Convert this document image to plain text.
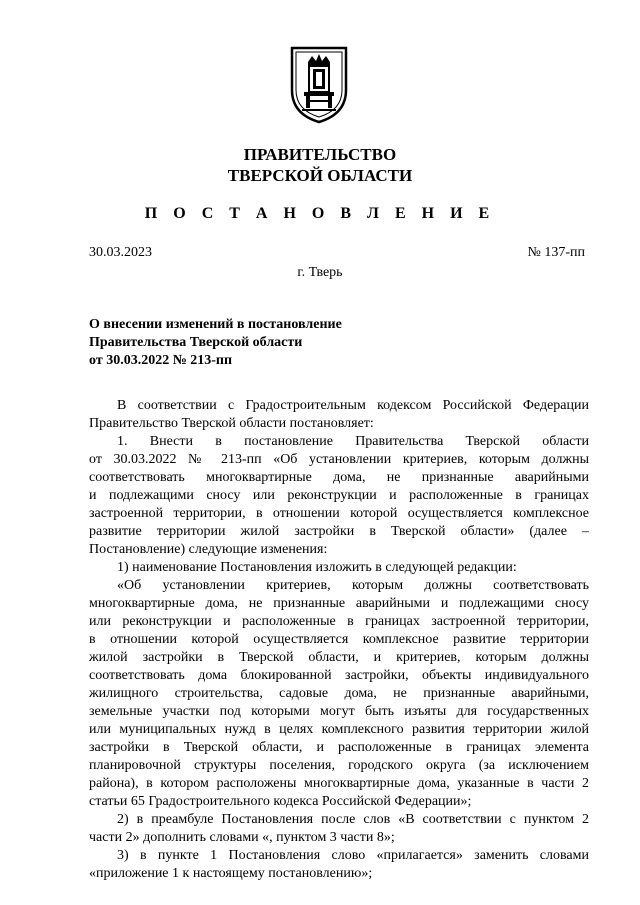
ПРАВИТЕЛЬСТВО
ТВЕРСКОЙ ОБЛАСТИ
П О С Т А Н О В Л Е Н И Е
30.03.2023	№ 137-пп
г. Тверь
О внесении изменений в постановление
Правительства Тверской области
от 30.03.2022 № 213-пп
В соответствии с Градостроительным кодексом Российской Федерации
Правительство Тверской области постановляет:
1. Внести в постановление Правительства Тверской области
от 30.03.2022 № 213-пп «Об установлении критериев, которым должны
соответствовать многоквартирные дома, не признанные аварийными
и подлежащими сносу или реконструкции и расположенные в границах
застроенной территории, в отношении которой осуществляется комплексное
развитие территории жилой застройки в Тверской области» (далее –
Постановление) следующие изменения:
1) наименование Постановления изложить в следующей редакции:
«Об установлении критериев, которым должны соответствовать
многоквартирные дома, не признанные аварийными и подлежащими сносу
или реконструкции и расположенные в границах застроенной территории,
в отношении которой осуществляется комплексное развитие территории
жилой застройки в Тверской области, и критериев, которым должны
соответствовать дома блокированной застройки, объекты индивидуального
жилищного строительства, садовые дома, не признанные аварийными,
земельные участки под которыми могут быть изъяты для государственных
или муниципальных нужд в целях комплексного развития территории жилой
застройки в Тверской области, и расположенные в границах элемента
планировочной структуры поселения, городского округа (за исключением
района), в котором расположены многоквартирные дома, указанные в части 2
статьи 65 Градостроительного кодекса Российской Федерации»;
2) в преамбуле Постановления после слов «В соответствии с пунктом 2
части 2» дополнить словами «, пунктом 3 части 8»;
3) в пункте 1 Постановления слово «прилагается» заменить словами
«приложение 1 к настоящему постановлению»;
